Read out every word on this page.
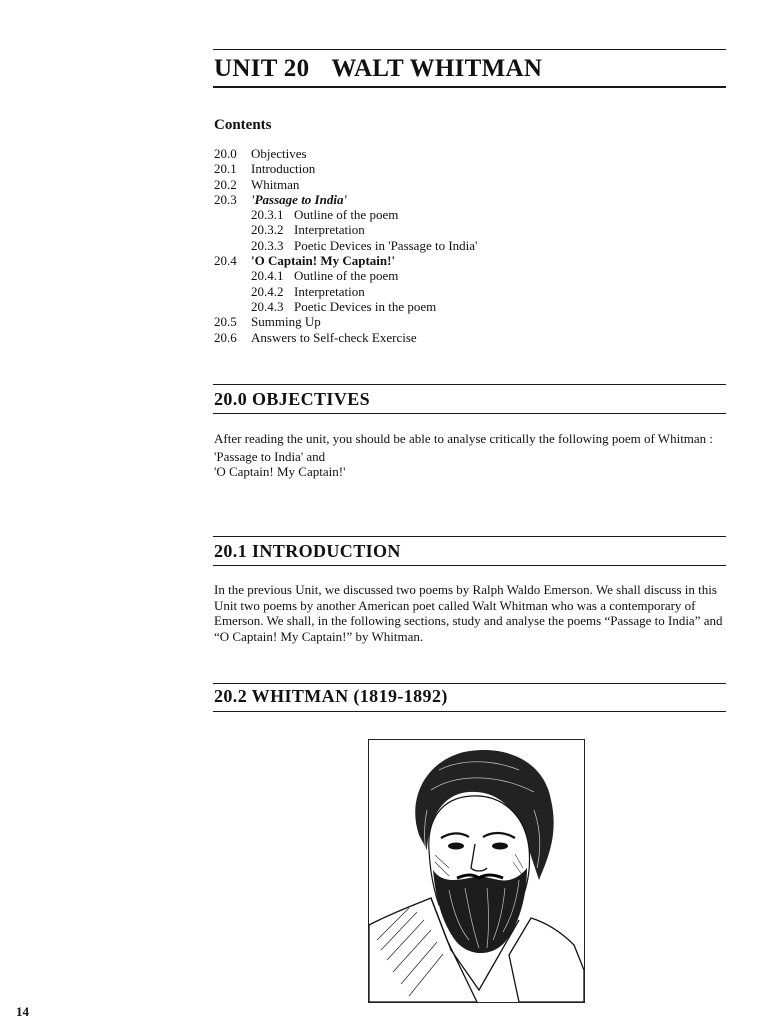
UNIT 20 WALT WHITMAN
Contents
20.0 Objectives
20.1 Introduction
20.2 Whitman
20.3 'Passage to India'
20.3.1 Outline of the poem
20.3.2 Interpretation
20.3.3 Poetic Devices in 'Passage to India'
20.4 'O Captain! My Captain!'
20.4.1 Outline of the poem
20.4.2 Interpretation
20.4.3 Poetic Devices in the poem
20.5 Summing Up
20.6 Answers to Self-check Exercise
20.0 OBJECTIVES

After reading the unit, you should be able to analyse critically the following poem of Whitman :

'Passage to India' and

'O Captain! My Captain!'

20.1 INTRODUCTION

In the previous Unit, we discussed two poems by Ralph Waldo Emerson. We shall discuss in this Unit two poems by another American poet called Walt Whitman who was a contemporary of Emerson. We shall, in the following sections, study and analyse the poems “Passage to India” and “O Captain! My Captain!” by Whitman.

20.2 WHITMAN (1819-1892)
14
